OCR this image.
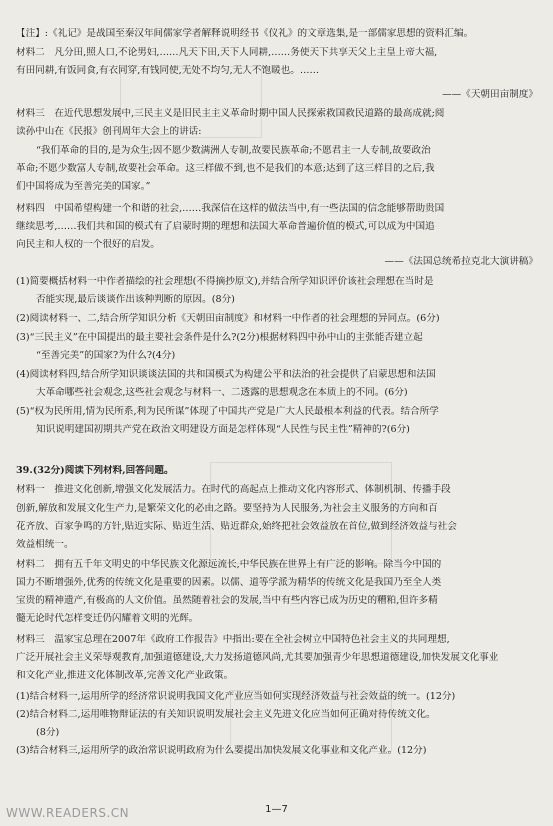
【注】:《礼记》是战国至秦汉年间儒家学者解释说明经书《仪礼》的文章选集,是一部儒家思想的资料汇编。
材料二　凡分田,照人口,不论男妇,……凡天下田,天下人同耕,……务使天下共享天父上主皇上帝大福,
有田同耕,有饭同食,有衣同穿,有钱同使,无处不均匀,无人不饱暖也。……
——《天朝田亩制度》
材料三　在近代思想发展中,三民主义是旧民主主义革命时期中国人民探索救国救民道路的最高成就;阅
读孙中山在《民报》创刊周年大会上的讲话:
“我们革命的目的,是为众生;因不愿少数满洲人专制,故要民族革命;不愿君主一人专制,故要政治
革命;不愿少数富人专制,故要社会革命。这三样做不到,也不是我们的本意;达到了这三样目的之后,我
们中国将成为至善完美的国家。”
材料四　中国希望构建一个和谐的社会,……我深信在这样的做法当中,有一些法国的信念能够帮助贵国
继续思考,……我们共和国的模式有了启蒙时期的理想和法国大革命普遍价值的模式,可以成为中国追
向民主和人权的一个很好的启发。
——《法国总统希拉克北大演讲稿》
(1)简要概括材料一中作者描绘的社会理想(不得摘抄原文),并结合所学知识评价该社会理想在当时是
否能实现,最后谈谈作出该种判断的原因。(8分)
(2)阅读材料一、二,结合所学知识分析《天朝田亩制度》和材料一中作者的社会理想的异同点。(6分)
(3)“三民主义”在中国提出的最主要社会条件是什么?(2分)根据材料四中孙中山的主张能否建立起
“至善完美”的国家?为什么?(4分)
(4)阅读材料四,结合所学知识谈谈法国的共和国模式为构建公平和法治的社会提供了启蒙思想和法国
大革命哪些社会观念,这些社会观念与材料一、二透露的思想观念在本质上的不同。(6分)
(5)“权为民所用,情为民所系,利为民所谋”体现了中国共产党是广大人民最根本利益的代表。结合所学
知识说明建国初期共产党在政治文明建设方面是怎样体现“人民性与民主性”精神的?(6分)
39.(32分)阅读下列材料,回答问题。
材料一　推进文化创新,增强文化发展活力。在时代的高起点上推动文化内容形式、体制机制、传播手段
创新,解放和发展文化生产力,是繁荣文化的必由之路。要坚持为人民服务,为社会主义服务的方向和百
花齐放、百家争鸣的方针,贴近实际、贴近生活、贴近群众,始终把社会效益放在首位,做到经济效益与社会
效益相统一。
材料二　拥有五千年文明史的中华民族文化源远流长,中华民族在世界上有广泛的影响。除当今中国的
国力不断增强外,优秀的传统文化是重要的因素。以儒、道等学派为精华的传统文化是我国乃至全人类
宝贵的精神遗产,有极高的人文价值。虽然随着社会的发展,当中有些内容已成为历史的糟粕,但许多精
髓无论时代怎样变迁仍闪耀着文明的光辉。
材料三　温家宝总理在2007年《政府工作报告》中指出:要在全社会树立中国特色社会主义的共同理想,
广泛开展社会主义荣辱观教育,加强道德建设,大力发扬道德风尚,尤其要加强青少年思想道德建设,加快发展文化事业
和文化产业,推进文化体制改革,完善文化产业政策。
(1)结合材料一,运用所学的经济常识说明我国文化产业应当如何实现经济效益与社会效益的统一。(12分)
(2)结合材料二,运用唯物辩证法的有关知识说明发展社会主义先进文化应当如何正确对待传统文化。
(8分)
(3)结合材料三,运用所学的政治常识说明政府为什么要提出加快发展文化事业和文化产业。(12分)
1—7
WWW.READERS.CN
